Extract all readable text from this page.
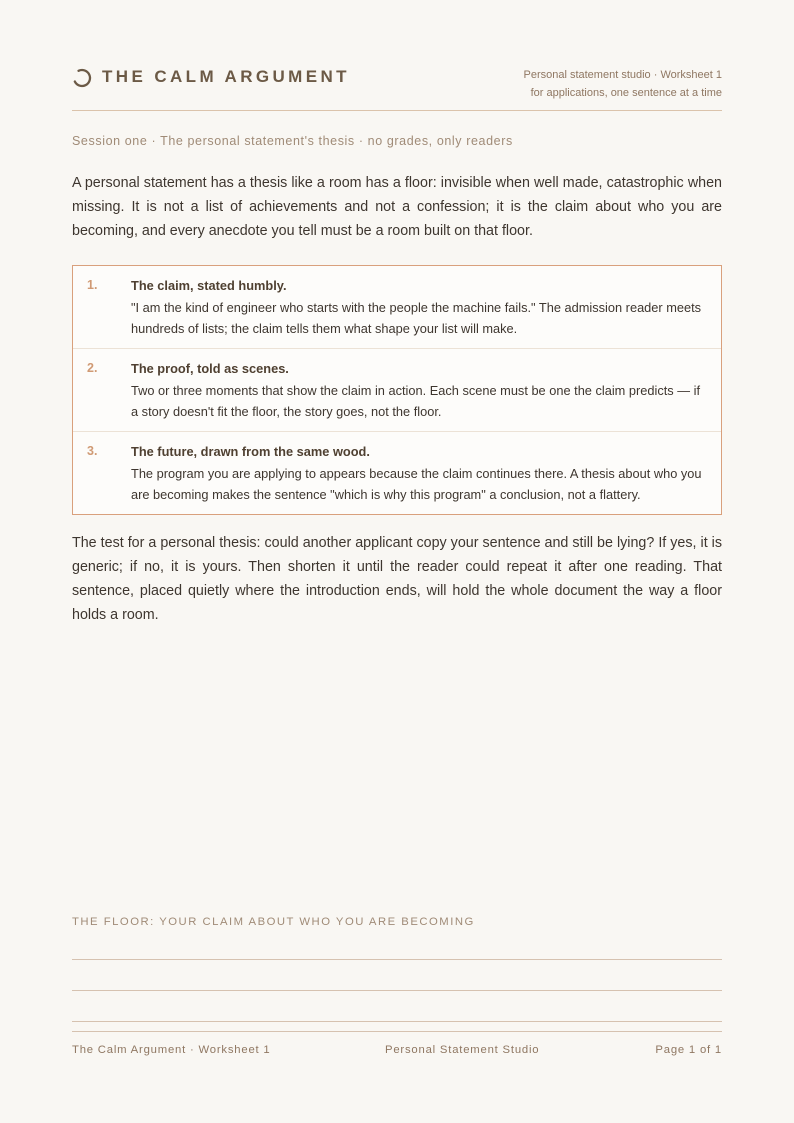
THE CALM ARGUMENT	Personal statement studio · Worksheet 1
for applications, one sentence at a time
Session one · The personal statement's thesis · no grades, only readers

A personal statement has a thesis like a room has a floor: invisible when well made, catastrophic when missing. It is not a list of achievements and not a confession; it is the claim about who you are becoming, and every anecdote you tell must be a room built on that floor.

1.	The claim, stated humbly.
"I am the kind of engineer who starts with the people the machine fails." The admission reader meets hundreds of lists; the claim tells them what shape your list will make.
2.	The proof, told as scenes.
Two or three moments that show the claim in action. Each scene must be one the claim predicts — if a story doesn't fit the floor, the story goes, not the floor.
3.	The future, drawn from the same wood.
The program you are applying to appears because the claim continues there. A thesis about who you are becoming makes the sentence "which is why this program" a conclusion, not a flattery.

The test for a personal thesis: could another applicant copy your sentence and still be lying? If yes, it is generic; if no, it is yours. Then shorten it until the reader could repeat it after one reading. That sentence, placed quietly where the introduction ends, will hold the whole document the way a floor holds a room.

THE FLOOR: YOUR CLAIM ABOUT WHO YOU ARE BECOMING
The Calm Argument · Worksheet 1	Personal Statement Studio	Page 1 of 1
